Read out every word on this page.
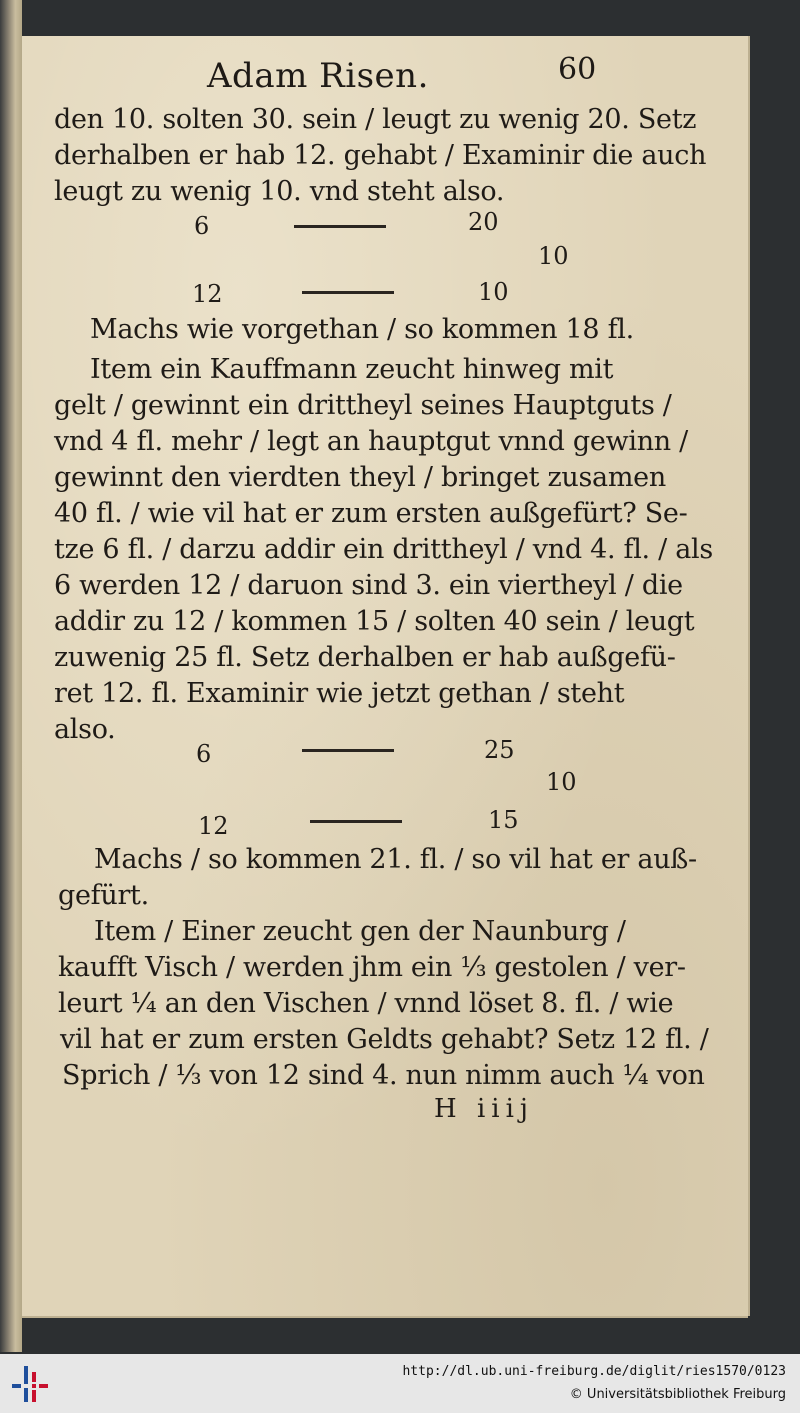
Adam Risen.	60
den 10. solten 30. sein / leugt zu wenig 20. Setz
derhalben er hab 12. gehabt / Examinir die auch
leugt zu wenig 10. vnd steht also.
6	20
10
12	10
Machs wie vorgethan / so kommen 18 fl.
Item ein Kauffmann zeucht hinweg mit
gelt / gewinnt ein drittheyl seines Hauptguts /
vnd 4 fl. mehr / legt an hauptgut vnnd gewinn /
gewinnt den vierdten theyl / bringet zusamen
40 fl. / wie vil hat er zum ersten außgefürt? Se-
tze 6 fl. / darzu addir ein drittheyl / vnd 4. fl. / als
6 werden 12 / daruon sind 3. ein viertheyl / die
addir zu 12 / kommen 15 / solten 40 sein / leugt
zuwenig 25 fl. Setz derhalben er hab außgefü-
ret 12. fl. Examinir wie jetzt gethan / steht
also.
6	25
10
12	15
Machs / so kommen 21. fl. / so vil hat er auß-
gefürt.
Item / Einer zeucht gen der Naunburg /
kaufft Visch / werden jhm ein ⅓ gestolen / ver-
leurt ¼ an den Vischen / vnnd löset 8. fl. / wie
vil hat er zum ersten Geldts gehabt? Setz 12 fl. /
Sprich / ⅓ von 12 sind 4. nun nimm auch ¼ von
H iiij
http://dl.ub.uni-freiburg.de/diglit/ries1570/0123
© Universitätsbibliothek Freiburg
